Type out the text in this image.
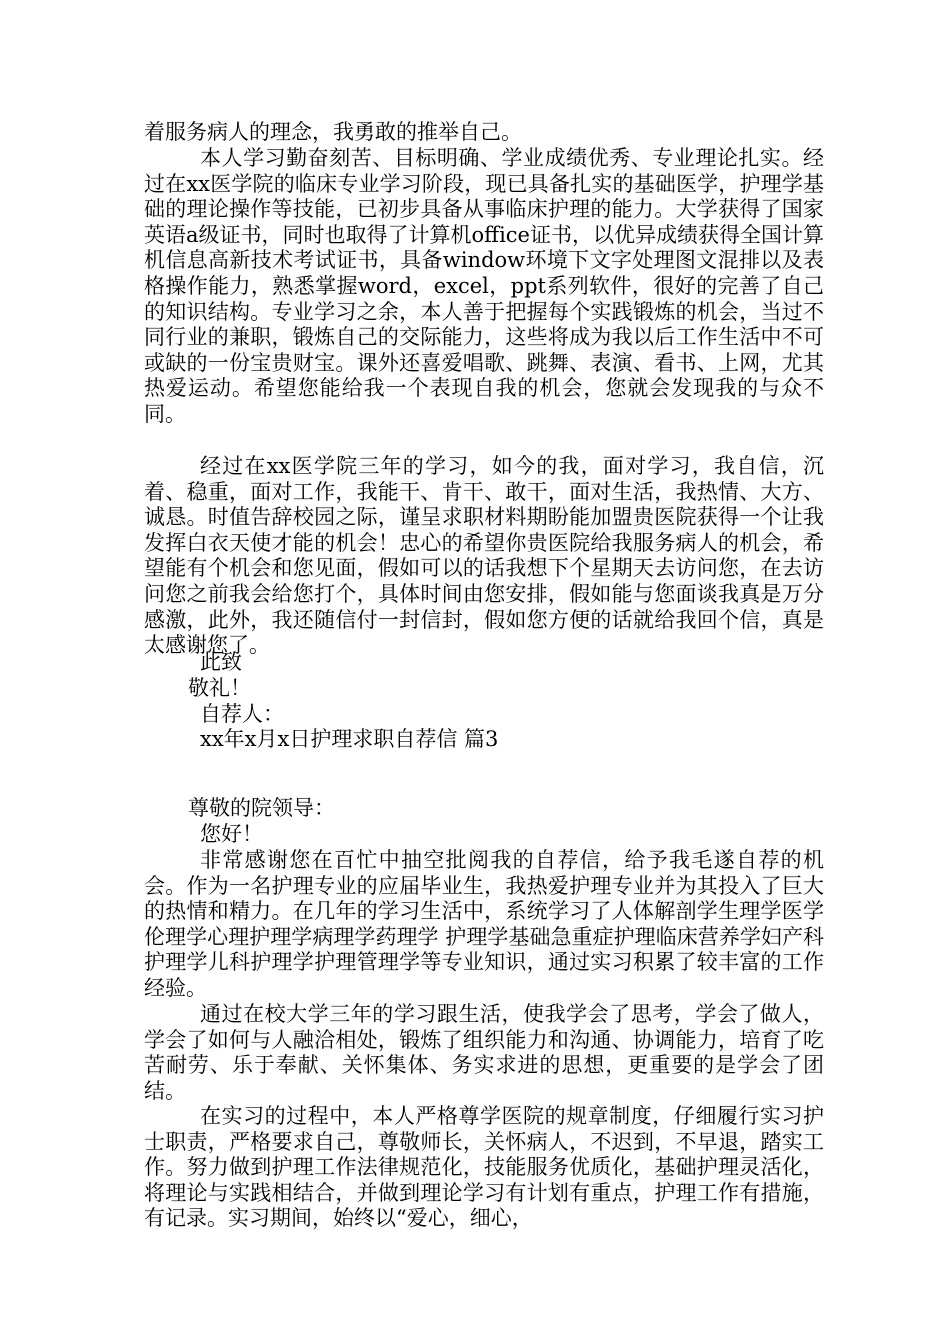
着服务病人的理念，我勇敢的推举自己。

本人学习勤奋刻苦、目标明确、学业成绩优秀、专业理论扎实。经过在xx医学院的临床专业学习阶段，现已具备扎实的基础医学，护理学基础的理论操作等技能，已初步具备从事临床护理的能力。大学获得了国家英语a级证书，同时也取得了计算机office证书，以优异成绩获得全国计算机信息高新技术考试证书，具备window环境下文字处理图文混排以及表格操作能力，熟悉掌握word，excel，ppt系列软件，很好的完善了自己的知识结构。专业学习之余，本人善于把握每个实践锻炼的机会，当过不同行业的兼职，锻炼自己的交际能力，这些将成为我以后工作生活中不可或缺的一份宝贵财宝。课外还喜爱唱歌、跳舞、表演、看书、上网，尤其热爱运动。希望您能给我一个表现自我的机会，您就会发现我的与众不同。

经过在xx医学院三年的学习，如今的我，面对学习，我自信，沉着、稳重，面对工作，我能干、肯干、敢干，面对生活，我热情、大方、诚恳。时值告辞校园之际，谨呈求职材料期盼能加盟贵医院获得一个让我发挥白衣天使才能的机会！忠心的希望你贵医院给我服务病人的机会，希望能有个机会和您见面，假如可以的话我想下个星期天去访问您，在去访问您之前我会给您打个，具体时间由您安排，假如能与您面谈我真是万分感激，此外，我还随信付一封信封，假如您方便的话就给我回个信，真是太感谢您了。

此致

敬礼！

自荐人：

xx年x月x日护理求职自荐信 篇3

尊敬的院领导：

您好！

非常感谢您在百忙中抽空批阅我的自荐信，给予我毛遂自荐的机会。作为一名护理专业的应届毕业生，我热爱护理专业并为其投入了巨大的热情和精力。在几年的学习生活中，系统学习了人体解剖学生理学医学伦理学心理护理学病理学药理学 护理学基础急重症护理临床营养学妇产科护理学儿科护理学护理管理学等专业知识，通过实习积累了较丰富的工作经验。

通过在校大学三年的学习跟生活，使我学会了思考，学会了做人，学会了如何与人融洽相处，锻炼了组织能力和沟通、协调能力，培育了吃苦耐劳、乐于奉献、关怀集体、务实求进的思想，更重要的是学会了团结。

在实习的过程中，本人严格尊学医院的规章制度，仔细履行实习护士职责，严格要求自己，尊敬师长，关怀病人，不迟到，不早退，踏实工作。努力做到护理工作法律规范化，技能服务优质化，基础护理灵活化，将理论与实践相结合，并做到理论学习有计划有重点，护理工作有措施，有记录。实习期间，始终以“爱心，细心，
